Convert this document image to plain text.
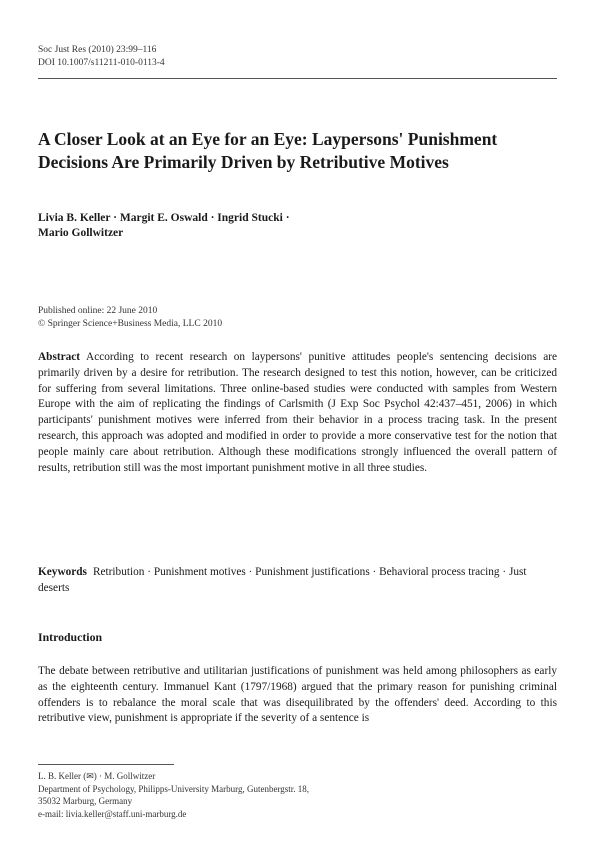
Soc Just Res (2010) 23:99–116
DOI 10.1007/s11211-010-0113-4
A Closer Look at an Eye for an Eye: Laypersons' Punishment Decisions Are Primarily Driven by Retributive Motives
Livia B. Keller · Margit E. Oswald · Ingrid Stucki ·
Mario Gollwitzer
Published online: 22 June 2010
© Springer Science+Business Media, LLC 2010

Abstract According to recent research on laypersons' punitive attitudes people's sentencing decisions are primarily driven by a desire for retribution. The research designed to test this notion, however, can be criticized for suffering from several limitations. Three online-based studies were conducted with samples from Western Europe with the aim of replicating the findings of Carlsmith (J Exp Soc Psychol 42:437–451, 2006) in which participants' punishment motives were inferred from their behavior in a process tracing task. In the present research, this approach was adopted and modified in order to provide a more conservative test for the notion that people mainly care about retribution. Although these modifications strongly influenced the overall pattern of results, retribution still was the most important punishment motive in all three studies.

Keywords Retribution · Punishment motives · Punishment justifications · Behavioral process tracing · Just deserts

Introduction

The debate between retributive and utilitarian justifications of punishment was held among philosophers as early as the eighteenth century. Immanuel Kant (1797/1968) argued that the primary reason for punishing criminal offenders is to rebalance the moral scale that was disequilibrated by the offenders' deed. According to this retributive view, punishment is appropriate if the severity of a sentence is

L. B. Keller (✉) · M. Gollwitzer
Department of Psychology, Philipps-University Marburg, Gutenbergstr. 18,
35032 Marburg, Germany
e-mail: livia.keller@staff.uni-marburg.de
